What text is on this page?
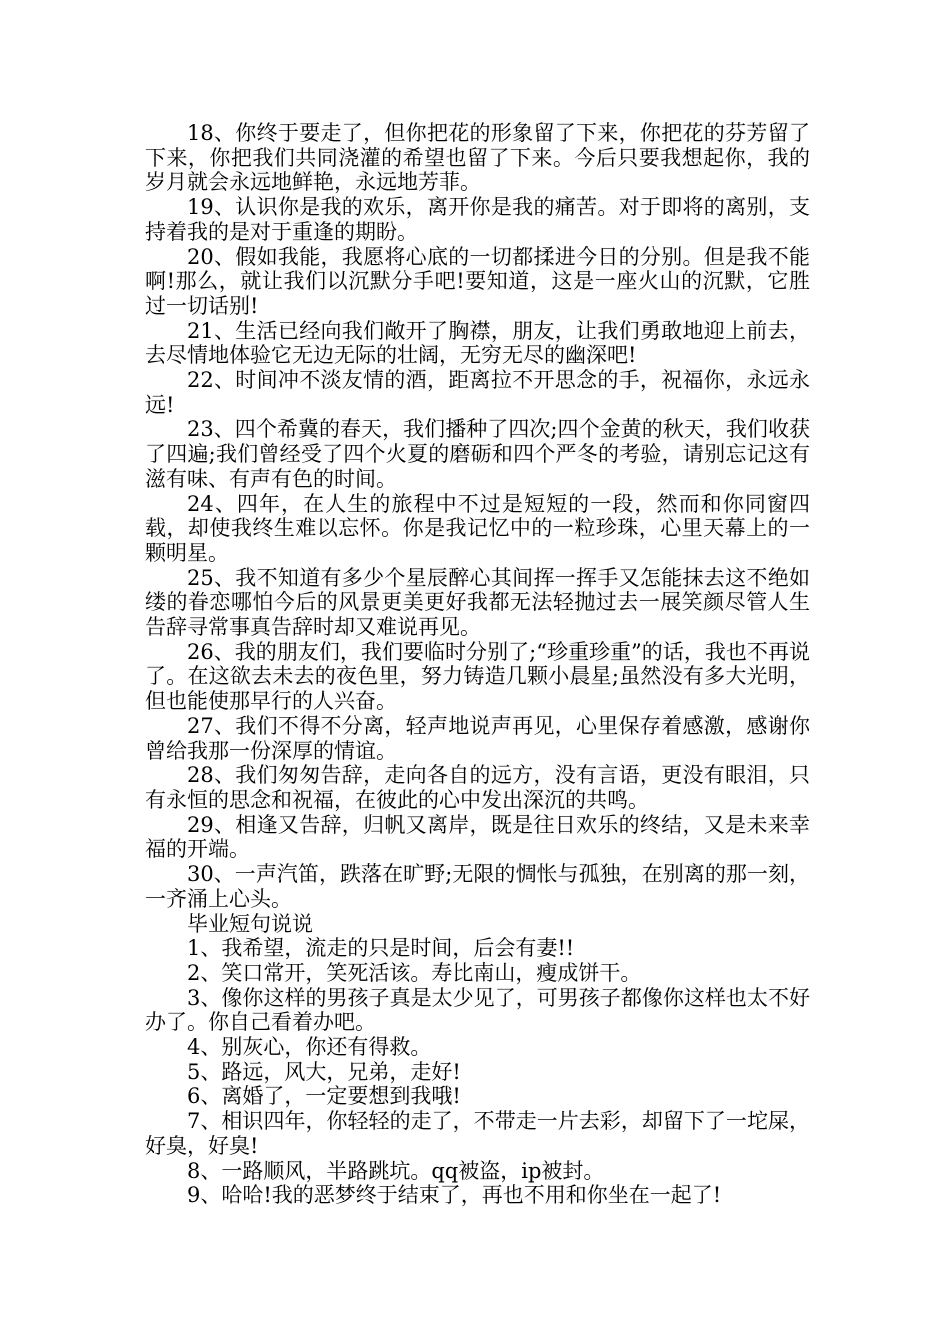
18、你终于要走了，但你把花的形象留了下来，你把花的芬芳留了下来，你把我们共同浇灌的希望也留了下来。今后只要我想起你，我的岁月就会永远地鲜艳，永远地芳菲。

19、认识你是我的欢乐，离开你是我的痛苦。对于即将的离别，支持着我的是对于重逢的期盼。

20、假如我能，我愿将心底的一切都揉进今日的分别。但是我不能啊!那么，就让我们以沉默分手吧!要知道，这是一座火山的沉默，它胜过一切话别!

21、生活已经向我们敞开了胸襟，朋友，让我们勇敢地迎上前去，去尽情地体验它无边无际的壮阔，无穷无尽的幽深吧!

22、时间冲不淡友情的酒，距离拉不开思念的手，祝福你，永远永远!

23、四个希冀的春天，我们播种了四次;四个金黄的秋天，我们收获了四遍;我们曾经受了四个火夏的磨砺和四个严冬的考验，请别忘记这有滋有味、有声有色的时间。

24、四年，在人生的旅程中不过是短短的一段，然而和你同窗四载，却使我终生难以忘怀。你是我记忆中的一粒珍珠，心里天幕上的一颗明星。

25、我不知道有多少个星辰醉心其间挥一挥手又怎能抹去这不绝如缕的眷恋哪怕今后的风景更美更好我都无法轻抛过去一展笑颜尽管人生告辞寻常事真告辞时却又难说再见。

26、我的朋友们，我们要临时分别了;“珍重珍重”的话，我也不再说了。在这欲去未去的夜色里，努力铸造几颗小晨星;虽然没有多大光明，但也能使那早行的人兴奋。

27、我们不得不分离，轻声地说声再见，心里保存着感激，感谢你曾给我那一份深厚的情谊。

28、我们匆匆告辞，走向各自的远方，没有言语，更没有眼泪，只有永恒的思念和祝福，在彼此的心中发出深沉的共鸣。

29、相逢又告辞，归帆又离岸，既是往日欢乐的终结，又是未来幸福的开端。

30、一声汽笛，跌落在旷野;无限的惆怅与孤独，在别离的那一刻，一齐涌上心头。

毕业短句说说

1、我希望，流走的只是时间，后会有妻!!

2、笑口常开，笑死活该。寿比南山，瘦成饼干。

3、像你这样的男孩子真是太少见了，可男孩子都像你这样也太不好办了。你自己看着办吧。

4、别灰心，你还有得救。

5、路远，风大，兄弟，走好!

6、离婚了，一定要想到我哦!

7、相识四年，你轻轻的走了，不带走一片去彩，却留下了一坨屎，好臭，好臭!

8、一路顺风，半路跳坑。qq被盗，ip被封。

9、哈哈!我的恶梦终于结束了，再也不用和你坐在一起了!
